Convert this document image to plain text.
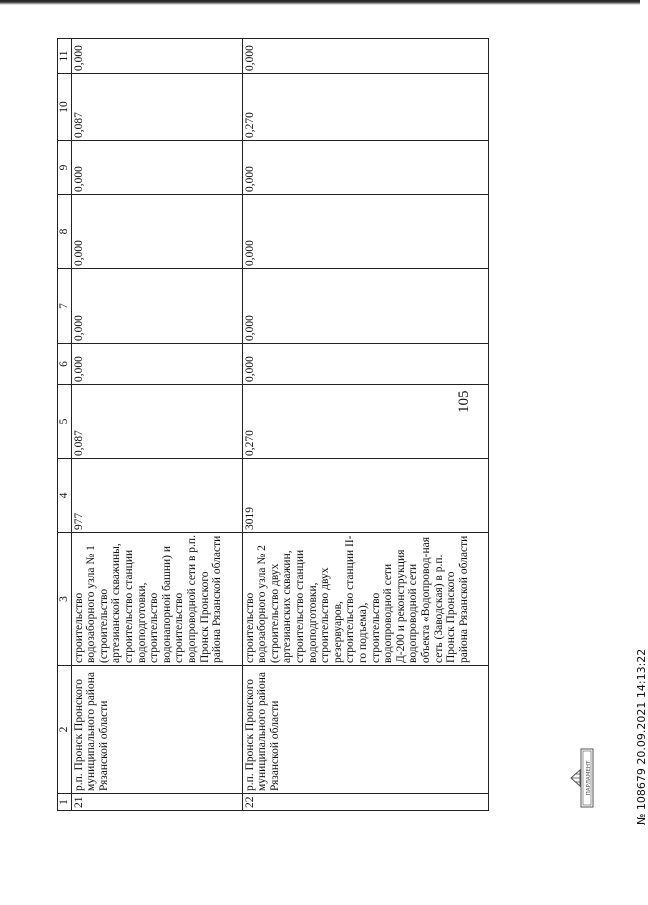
105
1	2	3	4	5	6	7	8	9	10	11
21	р.п. Пронск Пронского муниципального района Рязанской области	строительство водозаборного узла № 1 (строительство артезианской скважины, строительство станции водоподготовки, строительство водонапорной башни) и строительство водопроводной сети в р.п. Пронск Пронского района Рязанской области	977	0,087	0,000	0,000	0,000	0,000	0,087	0,000
22	р.п. Пронск Пронского муниципального района Рязанской области	строительство водозаборного узла № 2 (строительство двух артезианских скважин, строительство станции водоподготовки, строительство двух резервуаров, строительство станции II-го подъема), строительство водопроводной сети Д-200 и реконструкция водопроводной сети объекта «Водопровод-ная сеть (Заводская) в р.п. Пронск Пронского района Рязанской области	3019	0,270	0,000	0,000	0,000	0,000	0,270	0,000
ПАРЛАМЕНТ	№ 108679 20.09.2021 14:13:22
